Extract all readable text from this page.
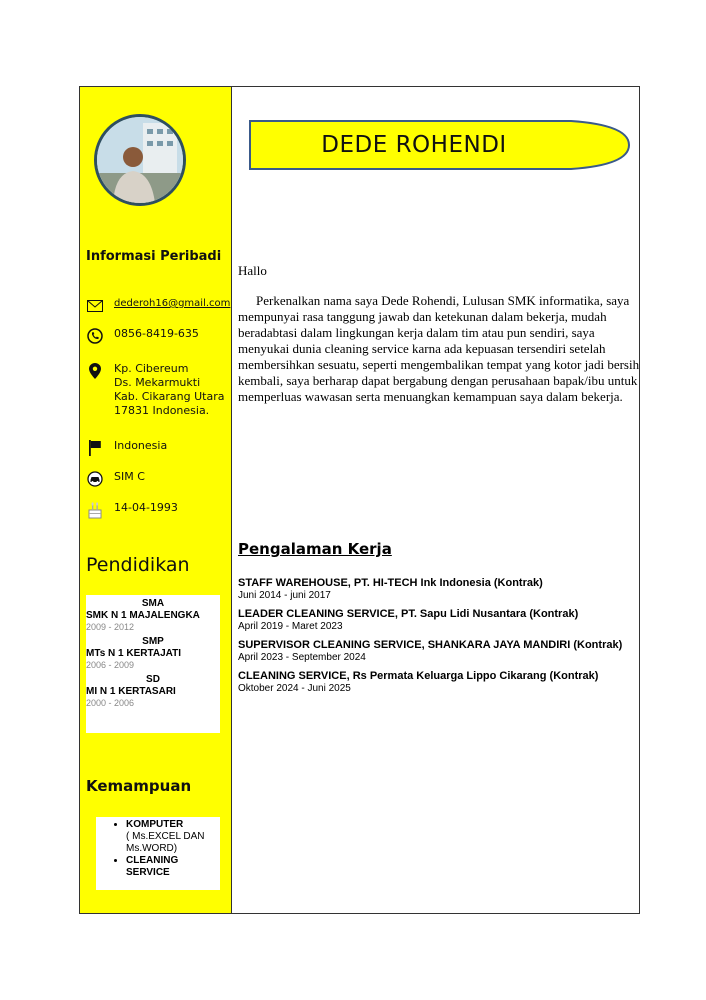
Informasi Peribadi
dederoh16@gmail.com
0856-8419-635
Kp. Cibereum
Ds. Mekarmukti
Kab. Cikarang Utara
17831 Indonesia.
Indonesia
SIM C
14-04-1993
Pendidikan
SMA
SMK N 1 MAJALENGKA
2009 - 2012
SMP
MTs N 1 KERTAJATI
2006 - 2009
SD
MI N 1 KERTASARI
2000 - 2006
Kemampuan
• KOMPUTER
( Ms.EXCEL DAN Ms.WORD)
• CLEANING SERVICE
DEDE ROHENDI
Hallo
Perkenalkan nama saya Dede Rohendi, Lulusan SMK informatika, saya mempunyai rasa tanggung jawab dan ketekunan dalam bekerja, mudah beradabtasi dalam lingkungan kerja dalam tim atau pun sendiri, saya menyukai dunia cleaning service karna ada kepuasan tersendiri setelah membersihkan sesuatu, seperti mengembalikan tempat yang kotor jadi bersih kembali, saya berharap dapat bergabung dengan perusahaan bapak/ibu untuk memperluas wawasan serta menuangkan kemampuan saya dalam bekerja.
Pengalaman Kerja
STAFF WAREHOUSE, PT. HI-TECH Ink Indonesia (Kontrak)
Juni 2014 - juni 2017
LEADER CLEANING SERVICE, PT. Sapu Lidi Nusantara (Kontrak)
April 2019 - Maret 2023
SUPERVISOR CLEANING SERVICE, SHANKARA JAYA MANDIRI (Kontrak)
April 2023 - September 2024
CLEANING SERVICE, Rs Permata Keluarga Lippo Cikarang (Kontrak)
Oktober 2024 - Juni 2025
